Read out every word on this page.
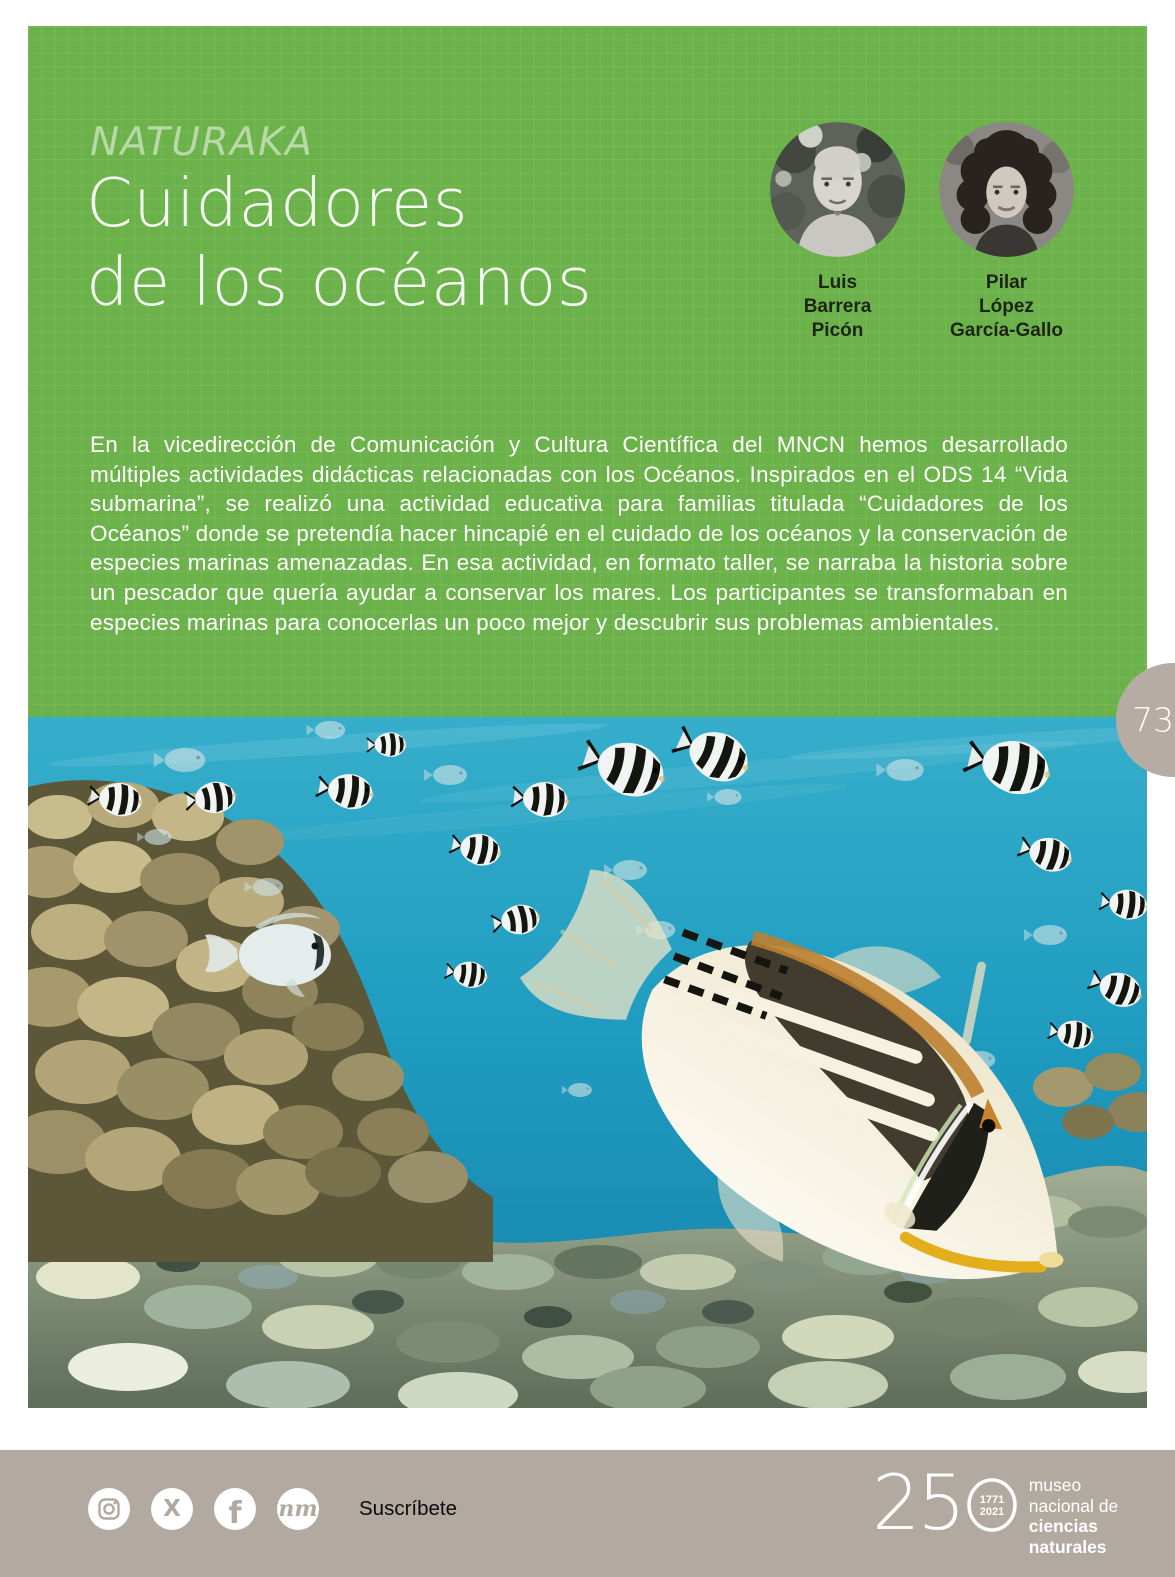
NATURAKA
Cuidadores
de los océanos	Luis
Barrera
Picón
Pilar
López
García-Gallo

En la vicedirección de Comunicación y Cultura Científica del MNCN hemos desarrollado múltiples actividades didácticas relacionadas con los Océanos. Inspirados en el ODS 14 “Vida submarina”, se realizó una actividad educativa para familias titulada “Cuidadores de los Océanos” donde se pretendía hacer hincapié en el cuidado de los océanos y la conservación de especies marinas amenazadas. En esa actividad, en formato taller, se narraba la historia sobre un pescador que quería ayudar a conservar los mares. Los participantes se transformaban en especies marinas para conocerlas un poco mejor y descubrir sus problemas ambientales.

73
X f nm Suscríbete	25 1771
2021
museo
nacional de
ciencias
naturales
